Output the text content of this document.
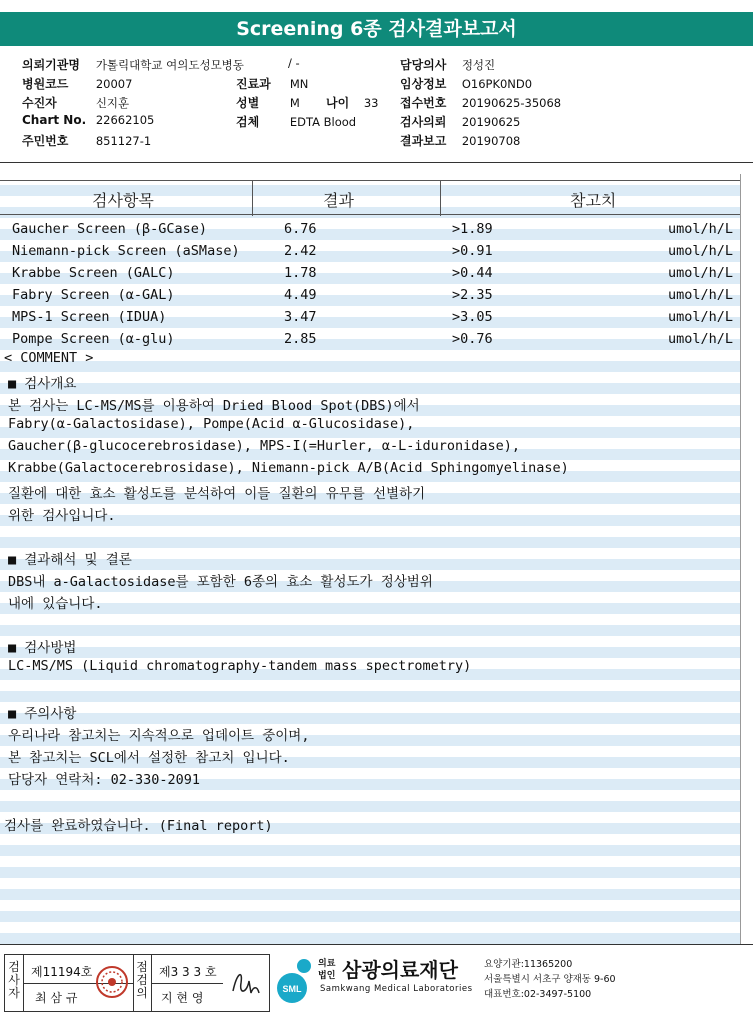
Screening 6종 검사결과보고서
의뢰기관명 가톨릭대학교 여의도성모병동	/ -	담당의사 정성진
병원코드 20007	진료과 MN	임상정보 O16PK0ND0
수진자	신지훈	성별	M 나이 33 접수번호 20190625-35068
Chart No. 22662105	검체	EDTA Blood	검사의뢰 20190625
주민번호 851127-1	결과보고 20190708
검사항목	결과	참고치
Gaucher Screen (β-GCase)	6.76	>1.89	umol/h/L
Niemann-pick Screen (aSMase)	2.42	>0.91	umol/h/L
Krabbe Screen (GALC)	1.78	>0.44	umol/h/L
Fabry Screen (α-GAL)	4.49	>2.35	umol/h/L
MPS-1 Screen (IDUA)	3.47	>3.05	umol/h/L
Pompe Screen (α-glu)	2.85	>0.76	umol/h/L
< COMMENT >
■ 검사개요
본 검사는 LC-MS/MS를 이용하여 Dried Blood Spot(DBS)에서
Fabry(α-Galactosidase), Pompe(Acid α-Glucosidase),
Gaucher(β-glucocerebrosidase), MPS-I(=Hurler, α-L-iduronidase),
Krabbe(Galactocerebrosidase), Niemann-pick A/B(Acid Sphingomyelinase)
질환에 대한 효소 활성도를 분석하여 이들 질환의 유무를 선별하기
위한 검사입니다.
■ 결과해석 및 결론
DBS내 a-Galactosidase를 포함한 6종의 효소 활성도가 정상범위
내에 있습니다.
■ 검사방법
LC-MS/MS (Liquid chromatography-tandem mass spectrometry)
■ 주의사항
우리나라 참고치는 지속적으로 업데이트 중이며,
본 참고치는 SCL에서 설정한 참고치 입니다.
담당자 연락처: 02-330-2091
검사를 완료하였습니다. (Final report)
검사자
제11194호
최 삼 규
점검의
제3 3 3 호
지 현 영
SML
의료
법인 삼광의료재단
Samkwang Medical Laboratories
요양기관:11365200
서울특별시 서초구 양재동 9-60
대표번호:02-3497-5100
